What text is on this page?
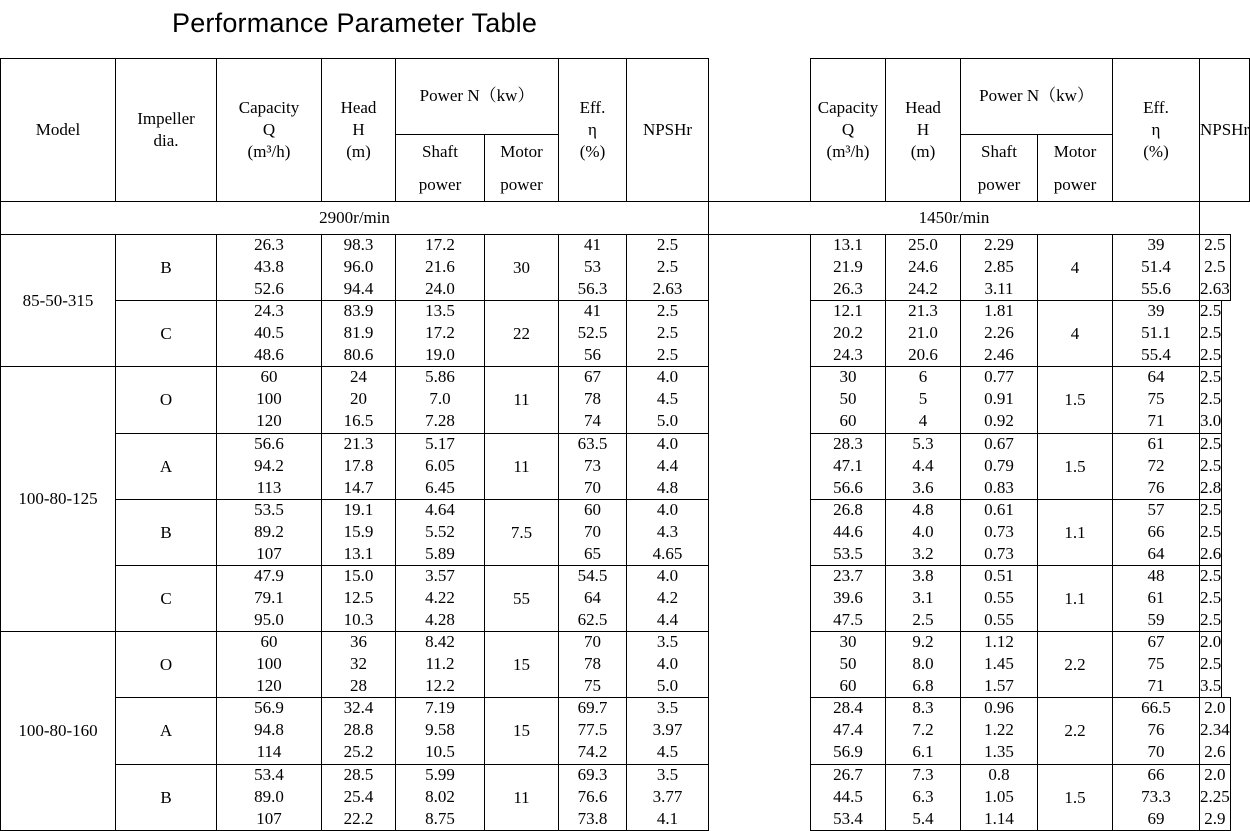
Performance Parameter Table
Model
Impeller
dia.
Capacity
Q
(m³/h)
Head
H
(m)
Power N（kw）
Shaft
power
Motor
power
Eff.
η
(%)
NPSHr
Capacity
Q
(m³/h)
Head
H
(m)
Power N（kw）
Shaft
power
Motor
power
Eff.
η
(%)
NPSHr
2900r/min	1450r/min
85-50-315
B
26.3
43.8
52.6
98.3
96.0
94.4
17.2
21.6
24.0
30
41
53
56.3
2.5
2.5
2.63
13.1
21.9
26.3
25.0
24.6
24.2
2.29
2.85
3.11
4
39
51.4
55.6
2.5
2.5
2.63
C
24.3
40.5
48.6
83.9
81.9
80.6
13.5
17.2
19.0
22
41
52.5
56
2.5
2.5
2.5
12.1
20.2
24.3
21.3
21.0
20.6
1.81
2.26
2.46
4
39
51.1
55.4
2.5
2.5
2.5
100-80-125
O
60
100
120
24
20
16.5
5.86
7.0
7.28
11
67
78
74
4.0
4.5
5.0
30
50
60
6
5
4
0.77
0.91
0.92
1.5
64
75
71
2.5
2.5
3.0
A
56.6
94.2
113
21.3
17.8
14.7
5.17
6.05
6.45
11
63.5
73
70
4.0
4.4
4.8
28.3
47.1
56.6
5.3
4.4
3.6
0.67
0.79
0.83
1.5
61
72
76
2.5
2.5
2.8
B
53.5
89.2
107
19.1
15.9
13.1
4.64
5.52
5.89
7.5
60
70
65
4.0
4.3
4.65
26.8
44.6
53.5
4.8
4.0
3.2
0.61
0.73
0.73
1.1
57
66
64
2.5
2.5
2.6
C
47.9
79.1
95.0
15.0
12.5
10.3
3.57
4.22
4.28
55
54.5
64
62.5
4.0
4.2
4.4
23.7
39.6
47.5
3.8
3.1
2.5
0.51
0.55
0.55
1.1
48
61
59
2.5
2.5
2.5
100-80-160
O
60
100
120
36
32
28
8.42
11.2
12.2
15
70
78
75
3.5
4.0
5.0
30
50
60
9.2
8.0
6.8
1.12
1.45
1.57
2.2
67
75
71
2.0
2.5
3.5
A
56.9
94.8
114
32.4
28.8
25.2
7.19
9.58
10.5
15
69.7
77.5
74.2
3.5
3.97
4.5
28.4
47.4
56.9
8.3
7.2
6.1
0.96
1.22
1.35
2.2
66.5
76
70
2.0
2.34
2.6
B
53.4
89.0
107
28.5
25.4
22.2
5.99
8.02
8.75
11
69.3
76.6
73.8
3.5
3.77
4.1
26.7
44.5
53.4
7.3
6.3
5.4
0.8
1.05
1.14
1.5
66
73.3
69
2.0
2.25
2.9
